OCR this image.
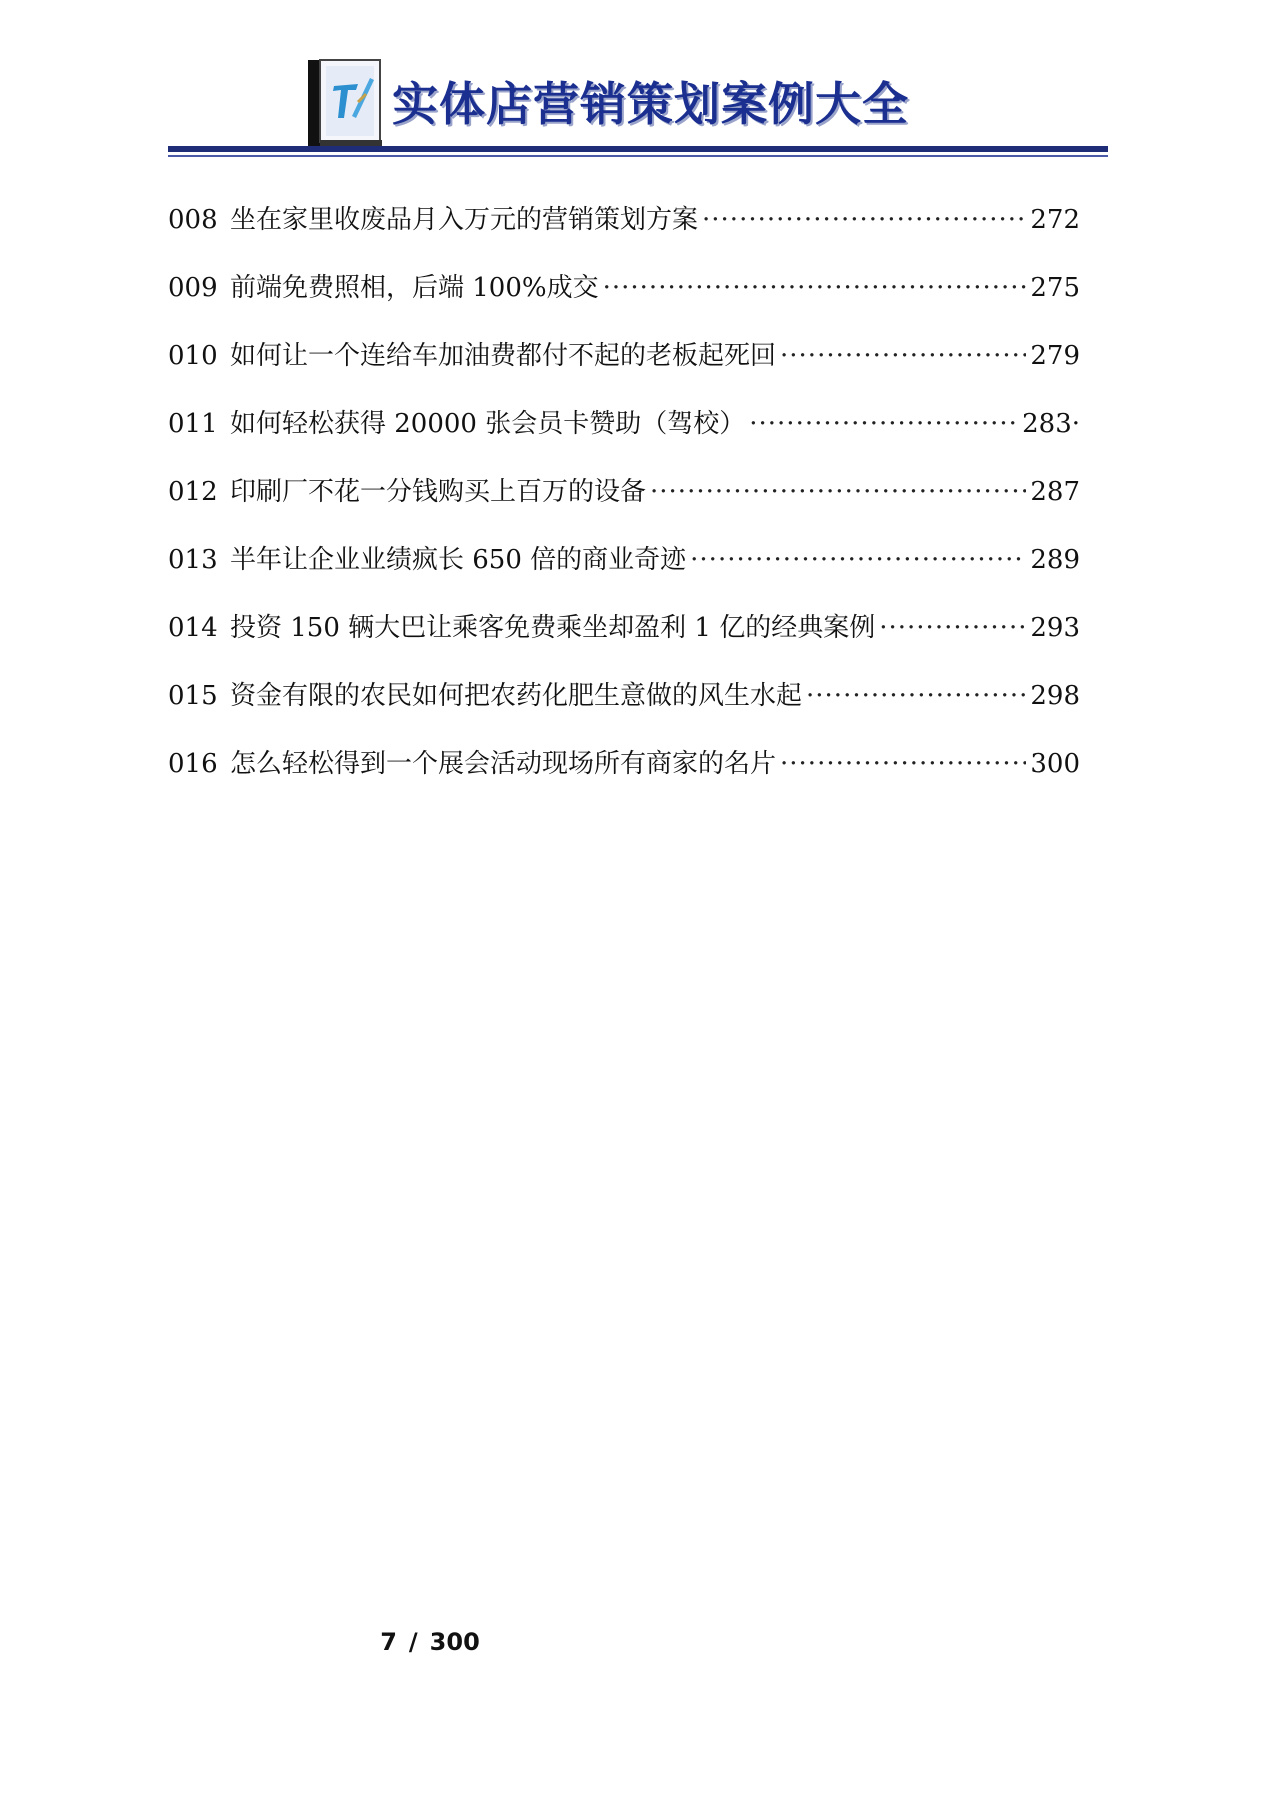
实体店营销策划案例大全
008 坐在家里收废品月入万元的营销策划方案 ·····	272
009 前端免费照相，后端 100%成交 ·····	275
010 如何让一个连给车加油费都付不起的老板起死回 ·····	279
011 如何轻松获得 20000 张会员卡赞助（驾校） ·····	283·
012 印刷厂不花一分钱购买上百万的设备 ·····	287
013 半年让企业业绩疯长 650 倍的商业奇迹 ·····	289
014 投资 150 辆大巴让乘客免费乘坐却盈利 1 亿的经典案例 ·····	293
015 资金有限的农民如何把农药化肥生意做的风生水起 ·····	298
016 怎么轻松得到一个展会活动现场所有商家的名片 ·····	300
7 / 300
